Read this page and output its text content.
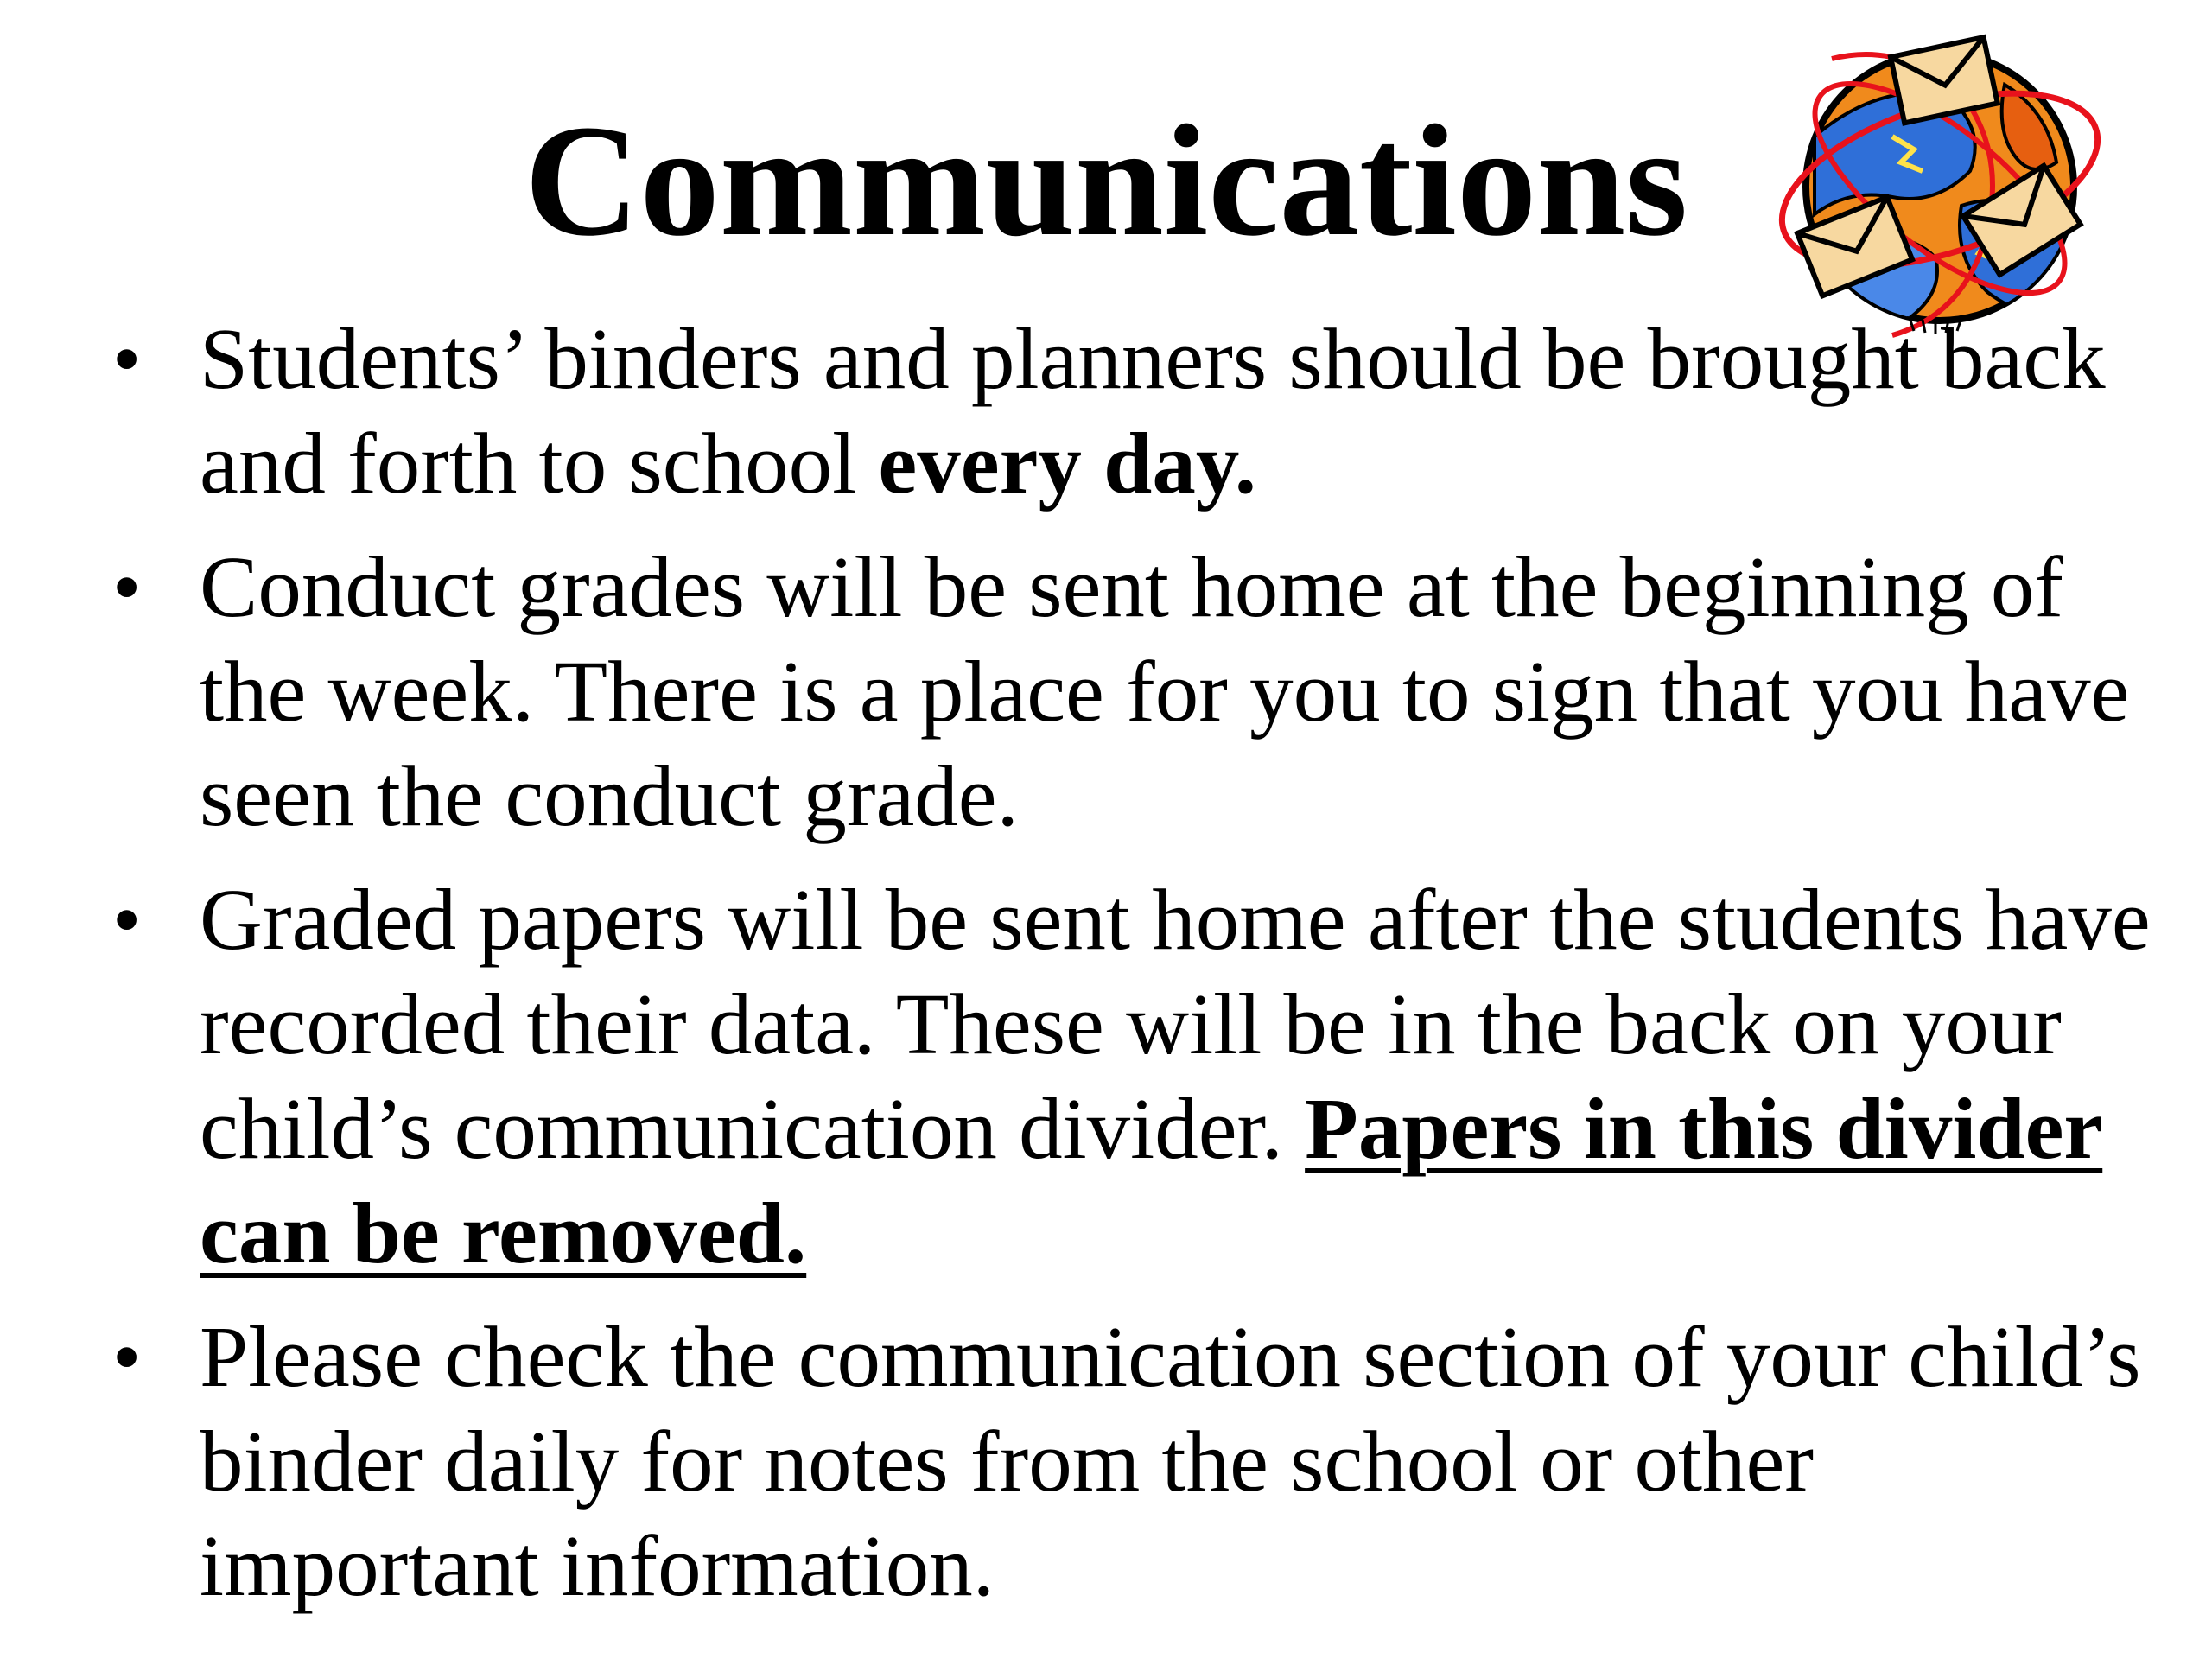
Communications
• Students’ binders and planners should be brought back and forth to school every day.
• Conduct grades will be sent home at the beginning of the week. There is a place for you to sign that you have seen the conduct grade.
• Graded papers will be sent home after the students have recorded their data. These will be in the back on your child’s communication divider. Papers in this divider can be removed.
• Please check the communication section of your child’s binder daily for notes from the school or other important information.
